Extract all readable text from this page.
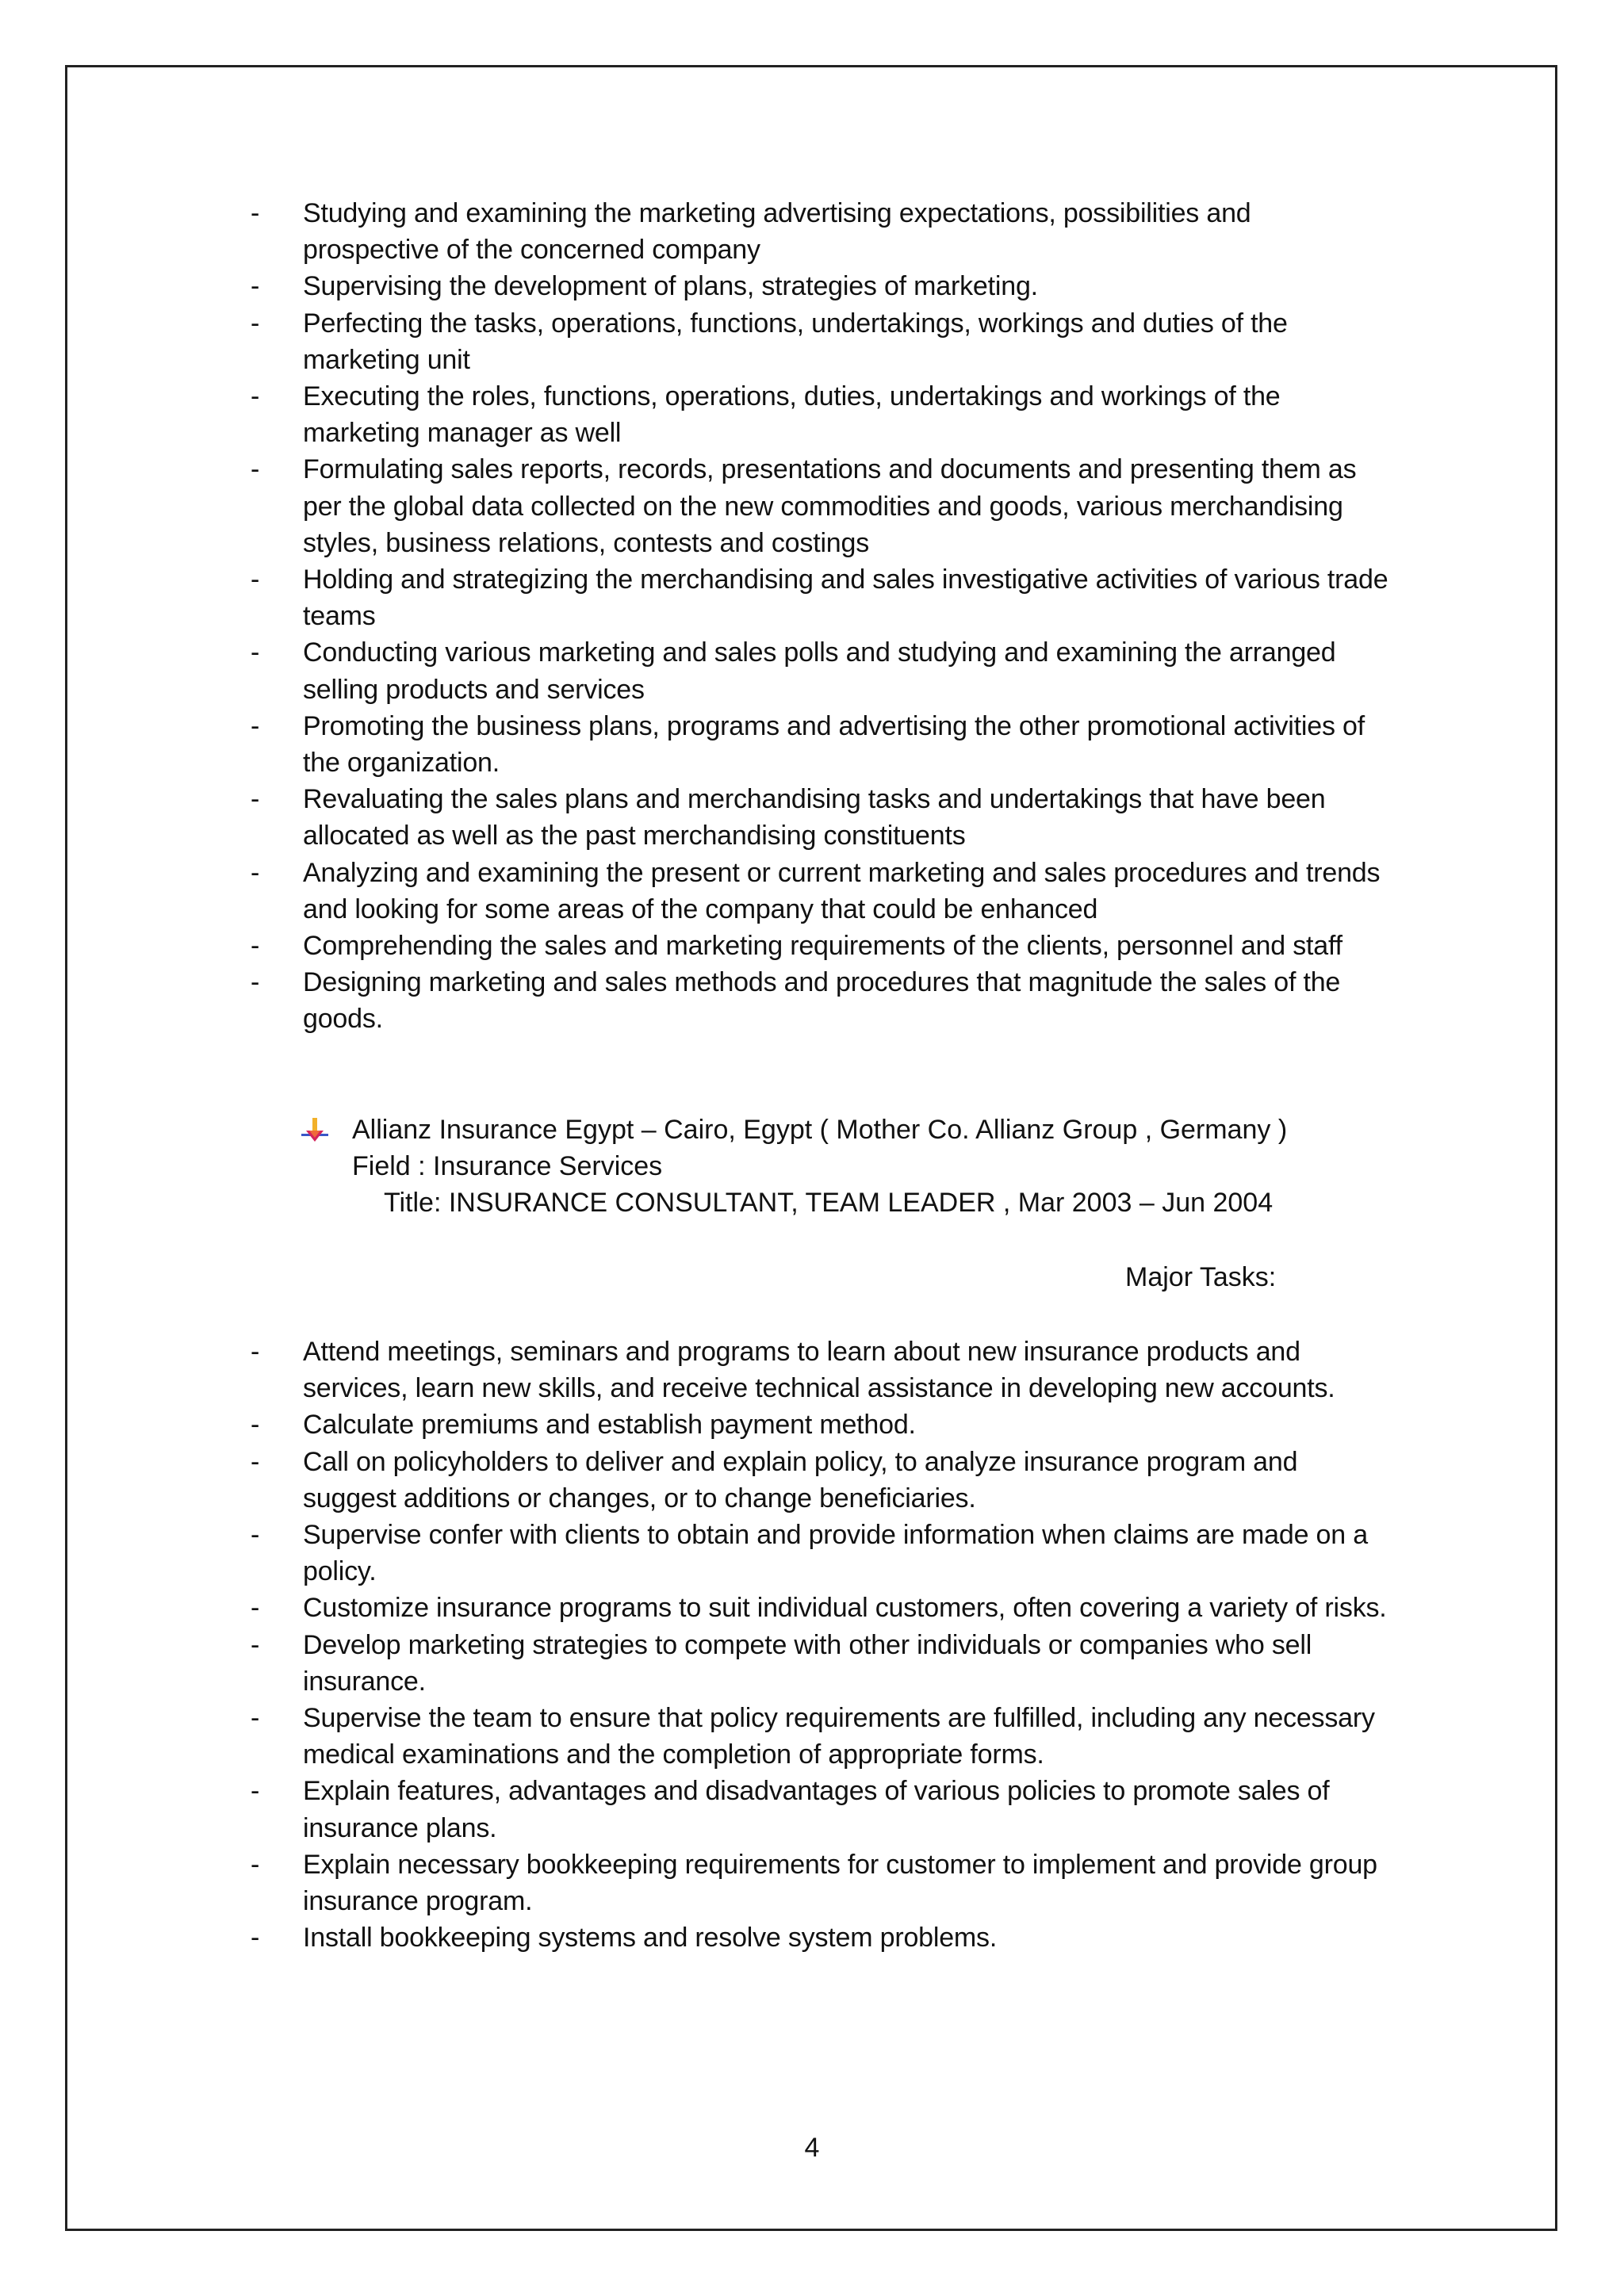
- Studying and examining the marketing advertising expectations, possibilities and prospective of the concerned company
- Supervising the development of plans, strategies of marketing.
- Perfecting the tasks, operations, functions, undertakings, workings and duties of the marketing unit
- Executing the roles, functions, operations, duties, undertakings and workings of the marketing manager as well
- Formulating sales reports, records, presentations and documents and presenting them as per the global data collected on the new commodities and goods, various merchandising styles, business relations, contests and costings
- Holding and strategizing the merchandising and sales investigative activities of various trade teams
- Conducting various marketing and sales polls and studying and examining the arranged selling products and services
- Promoting the business plans, programs and advertising the other promotional activities of the organization.
- Revaluating the sales plans and merchandising tasks and undertakings that have been allocated as well as the past merchandising constituents
- Analyzing and examining the present or current marketing and sales procedures and trends and looking for some areas of the company that could be enhanced
- Comprehending the sales and marketing requirements of the clients, personnel and staff
- Designing marketing and sales methods and procedures that magnitude the sales of the goods.
Allianz Insurance Egypt – Cairo, Egypt ( Mother Co. Allianz Group , Germany )
Field : Insurance Services
Title: INSURANCE CONSULTANT, TEAM LEADER , Mar 2003 – Jun 2004
Major Tasks:
- Attend meetings, seminars and programs to learn about new insurance products and services, learn new skills, and receive technical assistance in developing new accounts.
- Calculate premiums and establish payment method.
- Call on policyholders to deliver and explain policy, to analyze insurance program and suggest additions or changes, or to change beneficiaries.
- Supervise confer with clients to obtain and provide information when claims are made on a policy.
- Customize insurance programs to suit individual customers, often covering a variety of risks.
- Develop marketing strategies to compete with other individuals or companies who sell insurance.
- Supervise the team to ensure that policy requirements are fulfilled, including any necessary medical examinations and the completion of appropriate forms.
- Explain features, advantages and disadvantages of various policies to promote sales of insurance plans.
- Explain necessary bookkeeping requirements for customer to implement and provide group insurance program.
- Install bookkeeping systems and resolve system problems.
4
